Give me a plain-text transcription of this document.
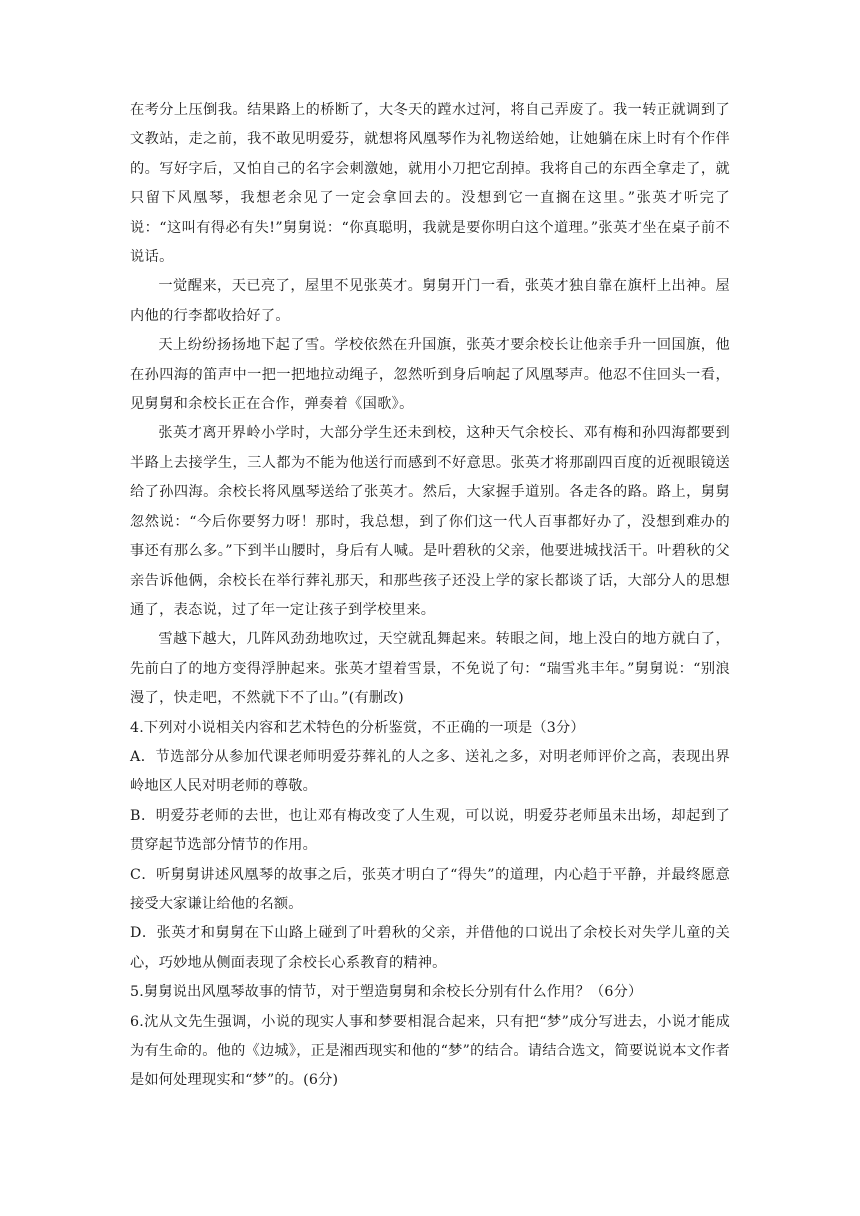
在考分上压倒我。结果路上的桥断了，大冬天的蹚水过河，将自己弄废了。我一转正就调到了文教站，走之前，我不敢见明爱芬，就想将风凰琴作为礼物送给她，让她躺在床上时有个作伴的。写好字后，又怕自己的名字会刺激她，就用小刀把它刮掉。我将自己的东西全拿走了，就只留下风凰琴，我想老余见了一定会拿回去的。没想到它一直搁在这里。”张英才听完了说：“这叫有得必有失!”舅舅说：“你真聪明，我就是要你明白这个道理。”张英才坐在桌子前不说话。

一觉醒来，天已亮了，屋里不见张英才。舅舅开门一看，张英才独自靠在旗杆上出神。屋内他的行李都收拾好了。

天上纷纷扬扬地下起了雪。学校依然在升国旗，张英才要余校长让他亲手升一回国旗，他在孙四海的笛声中一把一把地拉动绳子，忽然听到身后响起了风凰琴声。他忍不住回头一看，见舅舅和余校长正在合作，弹奏着《国歌》。

张英才离开界岭小学时，大部分学生还未到校，这种天气余校长、邓有梅和孙四海都要到半路上去接学生，三人都为不能为他送行而感到不好意思。张英才将那副四百度的近视眼镜送给了孙四海。余校长将风凰琴送给了张英才。然后，大家握手道别。各走各的路。路上，舅舅忽然说：“今后你要努力呀！那时，我总想，到了你们这一代人百事都好办了，没想到难办的事还有那么多。”下到半山腰时，身后有人喊。是叶碧秋的父亲，他要进城找活干。叶碧秋的父亲告诉他俩，余校长在举行葬礼那天，和那些孩子还没上学的家长都谈了话，大部分人的思想通了，表态说，过了年一定让孩子到学校里来。

雪越下越大，几阵风劲劲地吹过，天空就乱舞起来。转眼之间，地上没白的地方就白了，先前白了的地方变得浮肿起来。张英才望着雪景，不免说了句：“瑞雪兆丰年。”舅舅说：“别浪漫了，快走吧，不然就下不了山。”(有删改)

4.下列对小说相关内容和艺术特色的分析鉴赏，不正确的一项是（3分）

A．节选部分从参加代课老师明爱芬葬礼的人之多、送礼之多，对明老师评价之高，表现出界岭地区人民对明老师的尊敬。

B．明爱芬老师的去世，也让邓有梅改变了人生观，可以说，明爱芬老师虽未出场，却起到了贯穿起节选部分情节的作用。

C．听舅舅讲述风凰琴的故事之后，张英才明白了“得失”的道理，内心趋于平静，并最终愿意接受大家谦让给他的名额。

D．张英才和舅舅在下山路上碰到了叶碧秋的父亲，并借他的口说出了余校长对失学儿童的关心，巧妙地从侧面表现了余校长心系教育的精神。

5.舅舅说出风凰琴故事的情节，对于塑造舅舅和余校长分别有什么作用？（6分）

6.沈从文先生强调，小说的现实人事和梦要相混合起来，只有把“梦”成分写进去，小说才能成为有生命的。他的《边城》，正是湘西现实和他的“梦”的结合。请结合选文，简要说说本文作者是如何处理现实和“梦”的。(6分)
